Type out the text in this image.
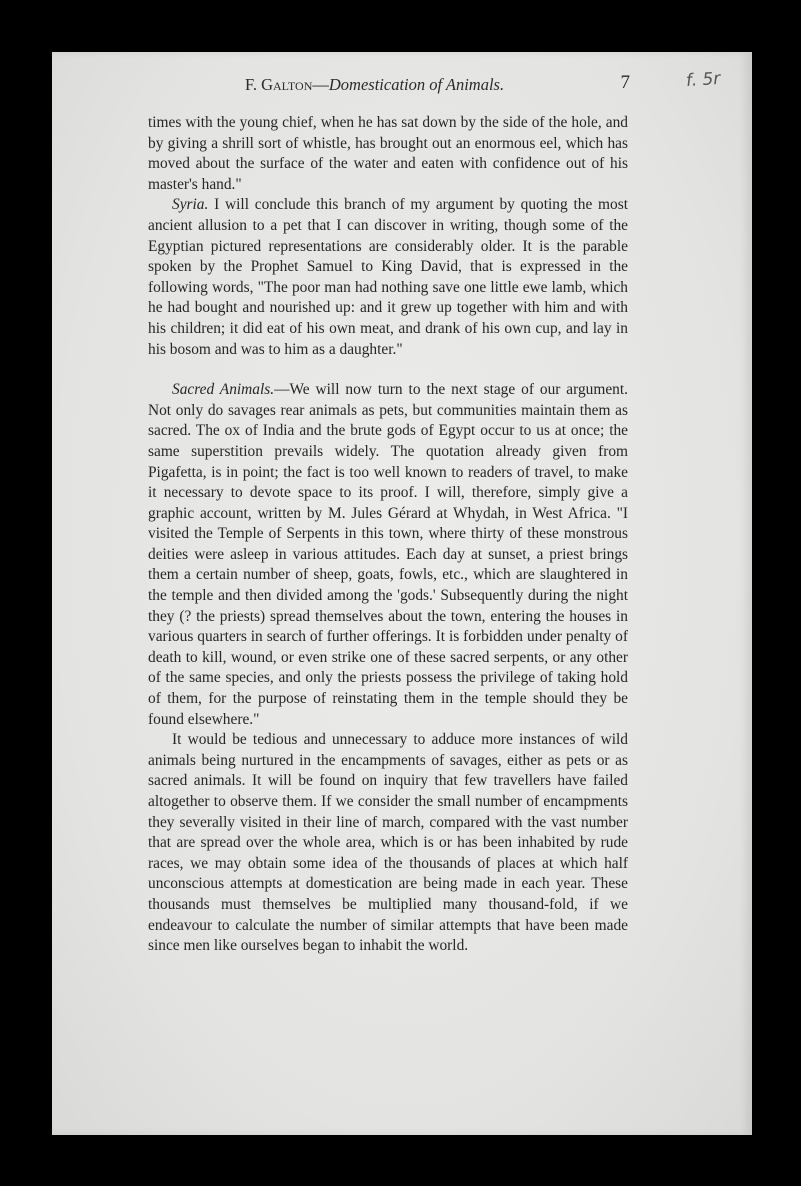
f. 5r
F. Galton—Domestication of Animals.	7

times with the young chief, when he has sat down by the side of the hole, and by giving a shrill sort of whistle, has brought out an enormous eel, which has moved about the surface of the water and eaten with confidence out of his master's hand."

Syria. I will conclude this branch of my argument by quoting the most ancient allusion to a pet that I can discover in writing, though some of the Egyptian pictured representations are considerably older. It is the parable spoken by the Prophet Samuel to King David, that is expressed in the following words, "The poor man had nothing save one little ewe lamb, which he had bought and nourished up: and it grew up together with him and with his children; it did eat of his own meat, and drank of his own cup, and lay in his bosom and was to him as a daughter."

Sacred Animals.—We will now turn to the next stage of our argument. Not only do savages rear animals as pets, but communities maintain them as sacred. The ox of India and the brute gods of Egypt occur to us at once; the same superstition prevails widely. The quotation already given from Pigafetta, is in point; the fact is too well known to readers of travel, to make it necessary to devote space to its proof. I will, therefore, simply give a graphic account, written by M. Jules Gérard at Whydah, in West Africa. "I visited the Temple of Serpents in this town, where thirty of these monstrous deities were asleep in various attitudes. Each day at sunset, a priest brings them a certain number of sheep, goats, fowls, etc., which are slaughtered in the temple and then divided among the 'gods.' Subsequently during the night they (? the priests) spread themselves about the town, entering the houses in various quarters in search of further offerings. It is forbidden under penalty of death to kill, wound, or even strike one of these sacred serpents, or any other of the same species, and only the priests possess the privilege of taking hold of them, for the purpose of reinstating them in the temple should they be found elsewhere."

It would be tedious and unnecessary to adduce more instances of wild animals being nurtured in the encampments of savages, either as pets or as sacred animals. It will be found on inquiry that few travellers have failed altogether to observe them. If we consider the small number of encampments they severally visited in their line of march, compared with the vast number that are spread over the whole area, which is or has been inhabited by rude races, we may obtain some idea of the thousands of places at which half unconscious attempts at domestication are being made in each year. These thousands must themselves be multiplied many thousand-fold, if we endeavour to calculate the number of similar attempts that have been made since men like ourselves began to inhabit the world.
